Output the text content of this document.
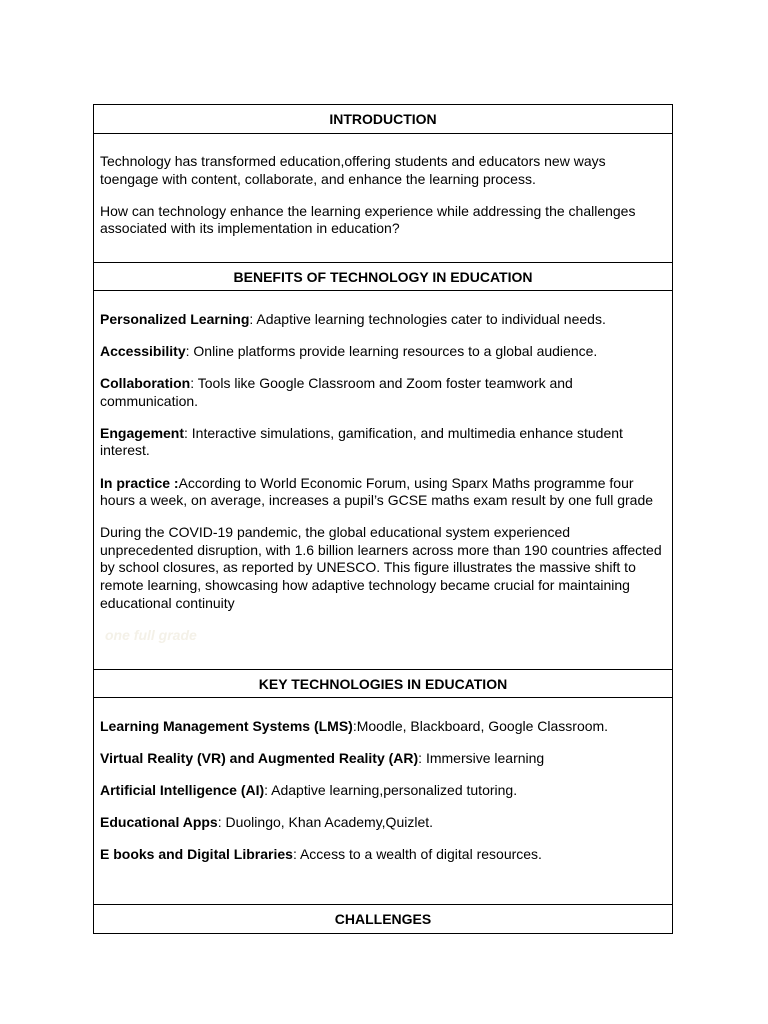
INTRODUCTION

Technology has transformed education,offering students and educators new ways toengage with content, collaborate, and enhance the learning process.

How can technology enhance the learning experience while addressing the challenges associated with its implementation in education?

BENEFITS OF TECHNOLOGY IN EDUCATION

Personalized Learning: Adaptive learning technologies cater to individual needs.

Accessibility: Online platforms provide learning resources to a global audience.

Collaboration: Tools like Google Classroom and Zoom foster teamwork and communication.

Engagement: Interactive simulations, gamification, and multimedia enhance student interest.

In practice :According to World Economic Forum, using Sparx Maths programme four hours a week, on average, increases a pupil’s GCSE maths exam result by one full grade

During the COVID-19 pandemic, the global educational system experienced unprecedented disruption, with 1.6 billion learners across more than 190 countries affected by school closures, as reported by UNESCO. This figure illustrates the massive shift to remote learning, showcasing how adaptive technology became crucial for maintaining educational continuity

one full grade
KEY TECHNOLOGIES IN EDUCATION

Learning Management Systems (LMS):Moodle, Blackboard, Google Classroom.

Virtual Reality (VR) and Augmented Reality (AR): Immersive learning

Artificial Intelligence (AI): Adaptive learning,personalized tutoring.

Educational Apps: Duolingo, Khan Academy,Quizlet.

E books and Digital Libraries: Access to a wealth of digital resources.

CHALLENGES
